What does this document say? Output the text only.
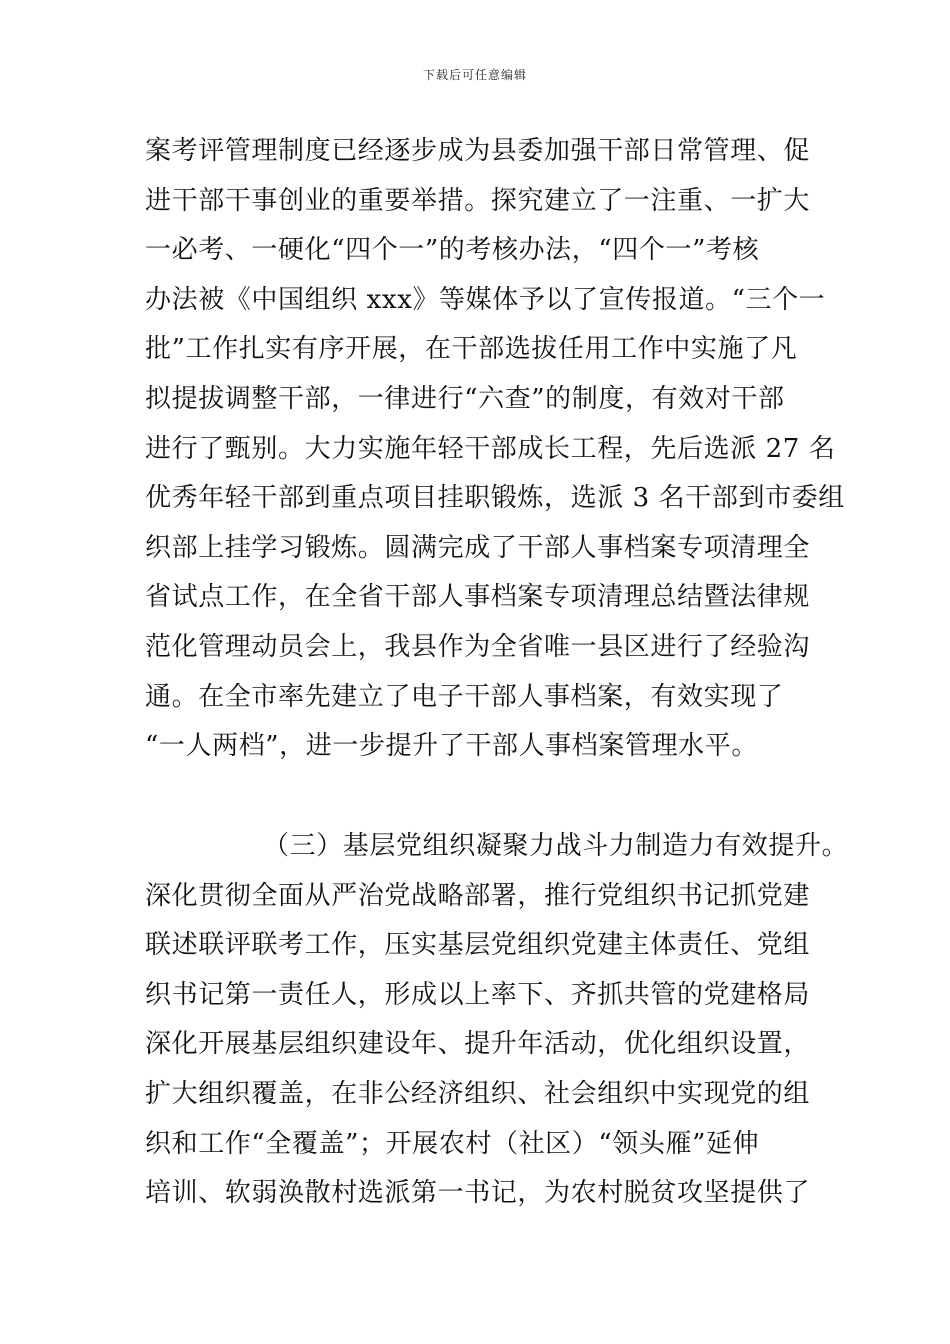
下载后可任意编辑
案考评管理制度已经逐步成为县委加强干部日常管理、促
进干部干事创业的重要举措。探究建立了一注重、一扩大
一必考、一硬化“四个一”的考核办法，“四个一”考核
办法被《中国组织 xxx》等媒体予以了宣传报道。“三个一
批”工作扎实有序开展，在干部选拔任用工作中实施了凡
拟提拔调整干部，一律进行“六查”的制度，有效对干部
进行了甄别。大力实施年轻干部成长工程，先后选派 27 名
优秀年轻干部到重点项目挂职锻炼，选派 3 名干部到市委组
织部上挂学习锻炼。圆满完成了干部人事档案专项清理全
省试点工作，在全省干部人事档案专项清理总结暨法律规
范化管理动员会上，我县作为全省唯一县区进行了经验沟
通。在全市率先建立了电子干部人事档案，有效实现了
“一人两档”，进一步提升了干部人事档案管理水平。
（三）基层党组织凝聚力战斗力制造力有效提升。
深化贯彻全面从严治党战略部署，推行党组织书记抓党建
联述联评联考工作，压实基层党组织党建主体责任、党组
织书记第一责任人，形成以上率下、齐抓共管的党建格局
深化开展基层组织建设年、提升年活动，优化组织设置，
扩大组织覆盖，在非公经济组织、社会组织中实现党的组
织和工作“全覆盖”；开展农村（社区）“领头雁”延伸
培训、软弱涣散村选派第一书记，为农村脱贫攻坚提供了
